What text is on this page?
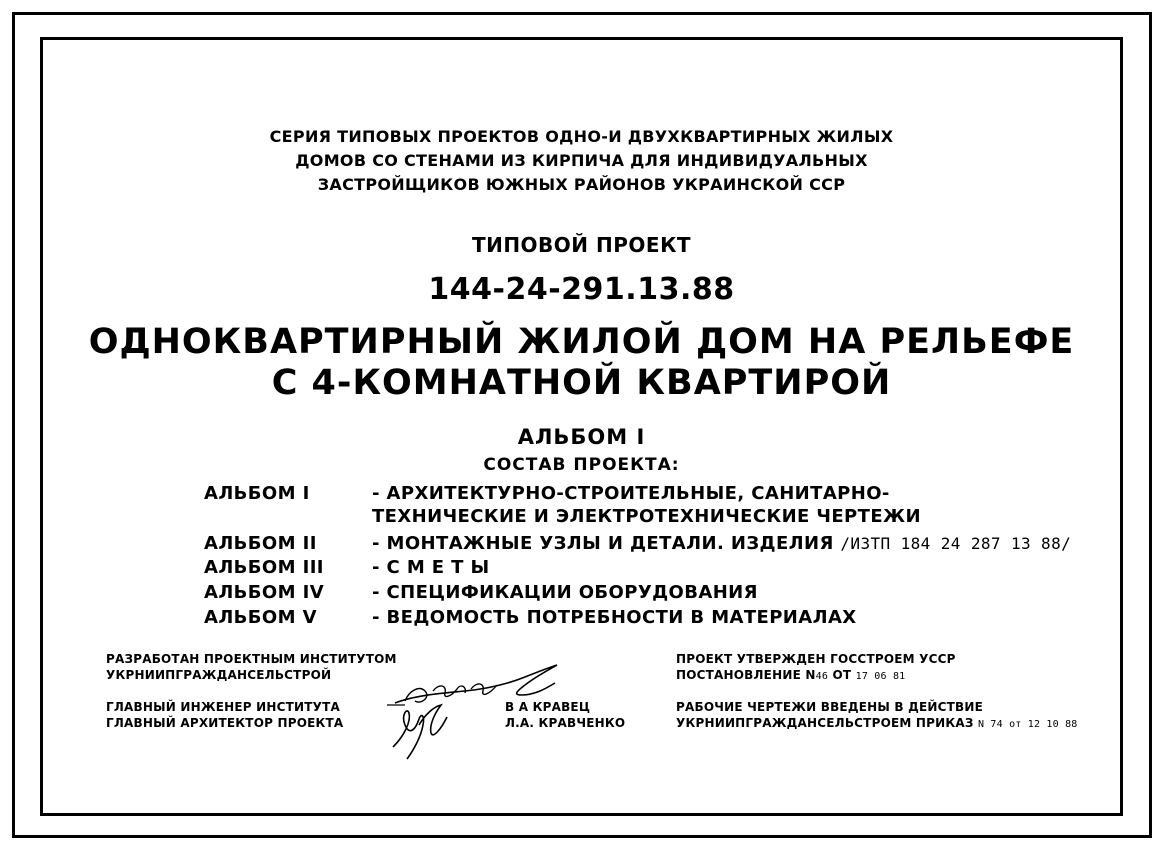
СЕРИЯ ТИПОВЫХ ПРОЕКТОВ ОДНО-И ДВУХКВАРТИРНЫХ ЖИЛЫХ
ДОМОВ СО СТЕНАМИ ИЗ КИРПИЧА ДЛЯ ИНДИВИДУАЛЬНЫХ
ЗАСТРОЙЩИКОВ ЮЖНЫХ РАЙОНОВ УКРАИНСКОЙ ССР
ТИПОВОЙ ПРОЕКТ
144-24-291.13.88
ОДНОКВАРТИРНЫЙ ЖИЛОЙ ДОМ НА РЕЛЬЕФЕ
С 4-КОМНАТНОЙ КВАРТИРОЙ
АЛЬБОМ I
СОСТАВ ПРОЕКТА:
АЛЬБОМ I	- АРХИТЕКТУРНО-СТРОИТЕЛЬНЫЕ, САНИТАРНО-
ТЕХНИЧЕСКИЕ И ЭЛЕКТРОТЕХНИЧЕСКИЕ ЧЕРТЕЖИ
АЛЬБОМ II	- МОНТАЖНЫЕ УЗЛЫ И ДЕТАЛИ. ИЗДЕЛИЯ /ИЗТП 184 24 287 13 88/
АЛЬБОМ III	- С М Е Т Ы
АЛЬБОМ IV	- СПЕЦИФИКАЦИИ ОБОРУДОВАНИЯ
АЛЬБОМ V	- ВЕДОМОСТЬ ПОТРЕБНОСТИ В МАТЕРИАЛАХ
РАЗРАБОТАН ПРОЕКТНЫМ ИНСТИТУТОМ
УКРНИИПГРАЖДАНСЕЛЬСТРОЙ
ГЛАВНЫЙ ИНЖЕНЕР ИНСТИТУТА
ГЛАВНЫЙ АРХИТЕКТОР ПРОЕКТА
В А КРАВЕЦ
Л.А. КРАВЧЕНКО
ПРОЕКТ УТВЕРЖДЕН ГОССТРОЕМ УССР
ПОСТАНОВЛЕНИЕ N46 ОТ 17 06 81
РАБОЧИЕ ЧЕРТЕЖИ ВВЕДЕНЫ В ДЕЙСТВИЕ
УКРНИИПГРАЖДАНСЕЛЬСТРОЕМ ПРИКАЗ N 74 от 12 10 88
